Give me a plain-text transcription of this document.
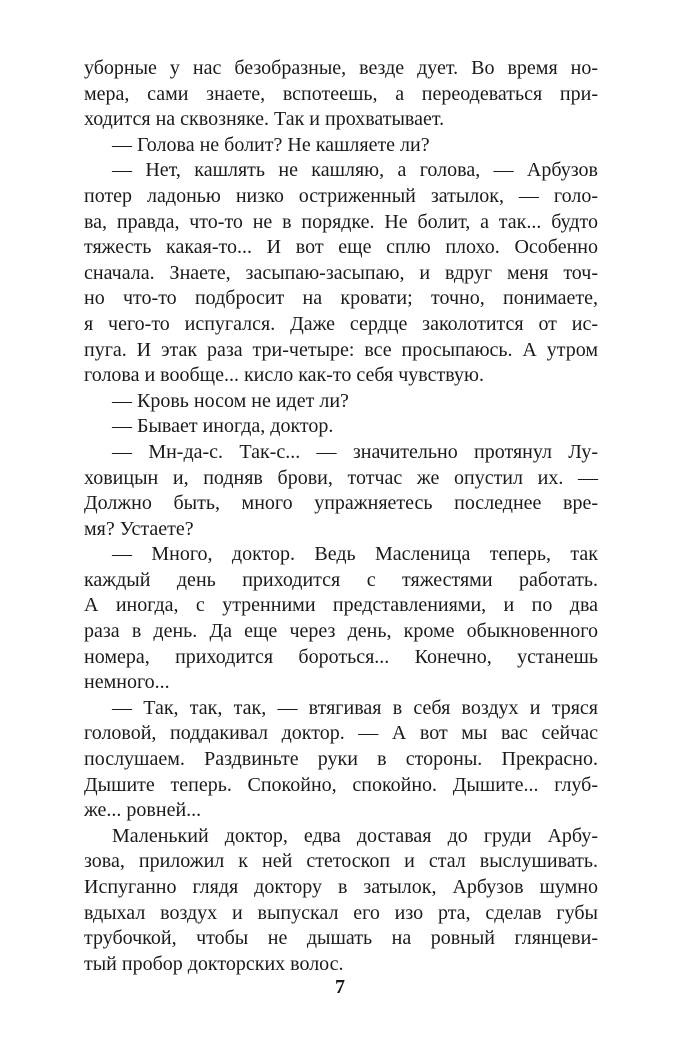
уборные у нас безобразные, везде дует. Во время но-
мера, сами знаете, вспотеешь, а переодеваться при-
ходится на сквозняке. Так и прохватывает.
— Голова не болит? Не кашляете ли?
— Нет, кашлять не кашляю, а голова, — Арбузов
потер ладонью низко остриженный затылок, — голо-
ва, правда, что-то не в порядке. Не болит, а так... будто
тяжесть какая-то... И вот еще сплю плохо. Особенно
сначала. Знаете, засыпаю-засыпаю, и вдруг меня точ-
но что-то подбросит на кровати; точно, понимаете,
я чего-то испугался. Даже сердце заколотится от ис-
пуга. И этак раза три-четыре: все просыпаюсь. А утром
голова и вообще... кисло как-то себя чувствую.
— Кровь носом не идет ли?
— Бывает иногда, доктор.
— Мн-да-с. Так-с... — значительно протянул Лу-
ховицын и, подняв брови, тотчас же опустил их. —
Должно быть, много упражняетесь последнее вре-
мя? Устаете?
— Много, доктор. Ведь Масленица теперь, так
каждый день приходится с тяжестями работать.
А иногда, с утренними представлениями, и по два
раза в день. Да еще через день, кроме обыкновенного
номера, приходится бороться... Конечно, устанешь
немного...
— Так, так, так, — втягивая в себя воздух и тряся
головой, поддакивал доктор. — А вот мы вас сейчас
послушаем. Раздвиньте руки в стороны. Прекрасно.
Дышите теперь. Спокойно, спокойно. Дышите... глуб-
же... ровней...
Маленький доктор, едва доставая до груди Арбу-
зова, приложил к ней стетоскоп и стал выслушивать.
Испуганно глядя доктору в затылок, Арбузов шумно
вдыхал воздух и выпускал его изо рта, сделав губы
трубочкой, чтобы не дышать на ровный глянцеви-
тый пробор докторских волос.
7
